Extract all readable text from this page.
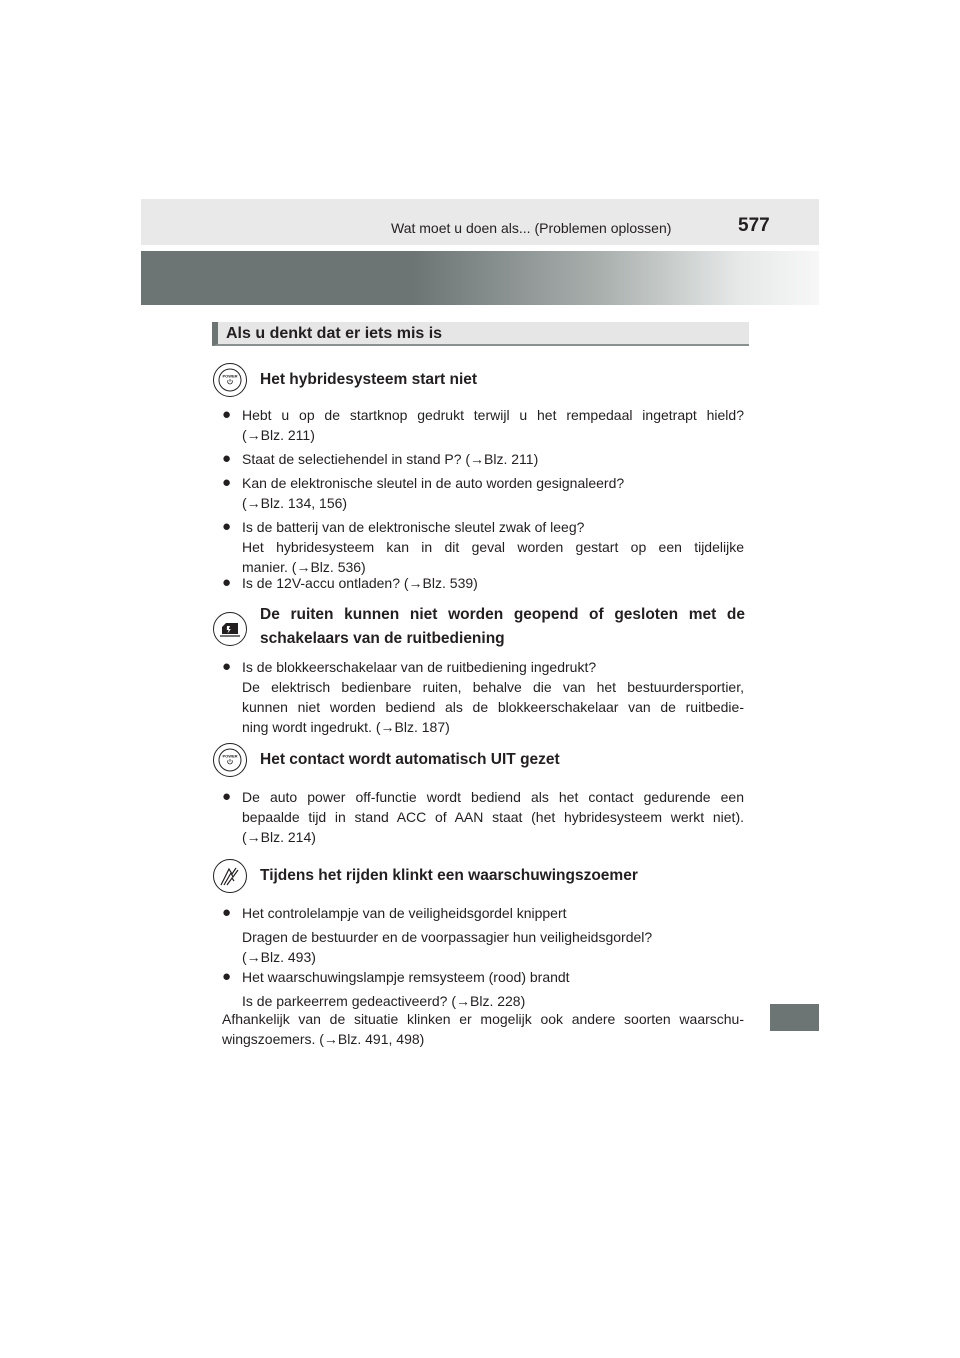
Wat moet u doen als... (Problemen oplossen)	577
Als u denkt dat er iets mis is
POWER Het hybridesysteem start niet
● Hebt u op de startknop gedrukt terwijl u het rempedaal ingetrapt hield?
(→Blz. 211)
● Staat de selectiehendel in stand P? (→Blz. 211)
● Kan de elektronische sleutel in de auto worden gesignaleerd?
(→Blz. 134, 156)
● Is de batterij van de elektronische sleutel zwak of leeg?
Het hybridesysteem kan in dit geval worden gestart op een tijdelijke
manier. (→Blz. 536)
● Is de 12V-accu ontladen? (→Blz. 539)
De ruiten kunnen niet worden geopend of gesloten met de schakelaars van de ruitbediening
● Is de blokkeerschakelaar van de ruitbediening ingedrukt?
De elektrisch bedienbare ruiten, behalve die van het bestuurdersportier,
kunnen niet worden bediend als de blokkeerschakelaar van de ruitbedie-
ning wordt ingedrukt. (→Blz. 187)
POWER Het contact wordt automatisch UIT gezet
● De auto power off-functie wordt bediend als het contact gedurende een
bepaalde tijd in stand ACC of AAN staat (het hybridesysteem werkt niet).
(→Blz. 214)
Tijdens het rijden klinkt een waarschuwingszoemer
● Het controlelampje van de veiligheidsgordel knippert
Dragen de bestuurder en de voorpassagier hun veiligheidsgordel?
(→Blz. 493)
● Het waarschuwingslampje remsysteem (rood) brandt
Is de parkeerrem gedeactiveerd? (→Blz. 228)
Afhankelijk van de situatie klinken er mogelijk ook andere soorten waarschu-
wingszoemers. (→Blz. 491, 498)
